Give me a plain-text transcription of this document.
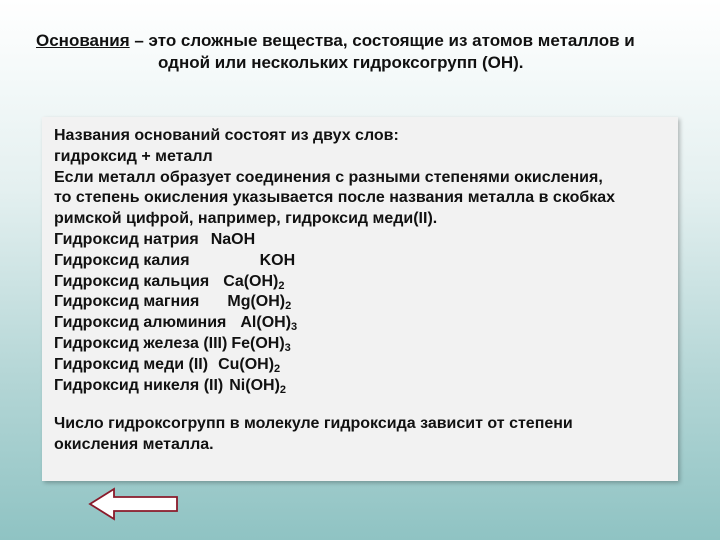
Основания – это сложные вещества, состоящие из атомов металлов и
одной или нескольких гидроксогрупп (ОН).
Названия оснований состоят из двух слов:
гидроксид + металл
Если металл образует соединения с разными степенями окисления,
то степень окисления указывается после названия металла в скобках
римской цифрой, например, гидроксид меди(II).
Гидроксид натрия NaOH
Гидроксид калия	KOH
Гидроксид кальция $Ca(OH)_2$
Гидроксид магния $Mg(OH)_2$
Гидроксид алюминия $Al(OH)_3$
Гидроксид железа (III) $Fe(OH)_3$
Гидроксид меди (II) $Cu(OH)_2$
Гидроксид никеля (II) $Ni(OH)_2$
Число гидроксогрупп в молекуле гидроксида зависит от степени
окисления металла.
